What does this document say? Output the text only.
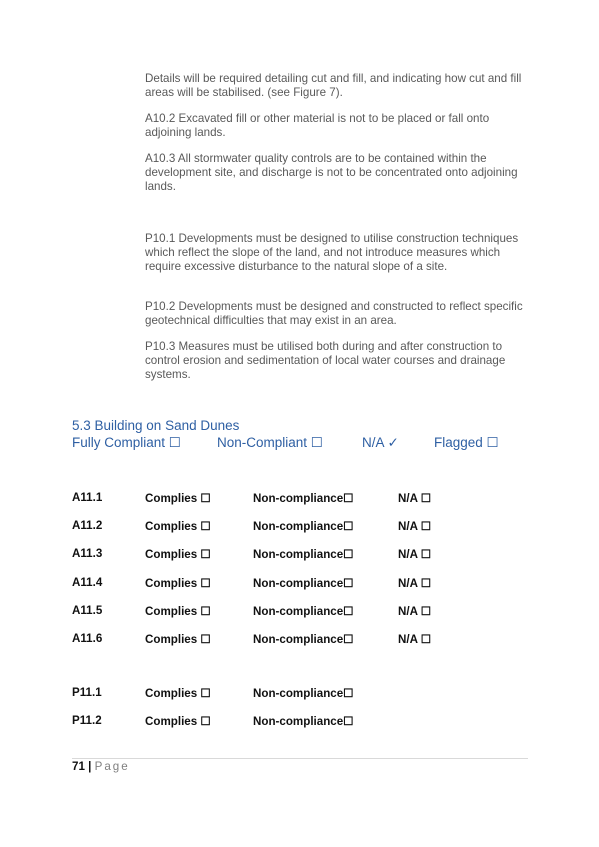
Details will be required detailing cut and fill, and indicating how cut and fill areas will be stabilised. (see Figure 7).

A10.2 Excavated fill or other material is not to be placed or fall onto adjoining lands.

A10.3 All stormwater quality controls are to be contained within the development site, and discharge is not to be concentrated onto adjoining lands.

P10.1 Developments must be designed to utilise construction techniques which reflect the slope of the land, and not introduce measures which require excessive disturbance to the natural slope of a site.

P10.2 Developments must be designed and constructed to reflect specific geotechnical difficulties that may exist in an area.

P10.3 Measures must be utilised both during and after construction to control erosion and sedimentation of local water courses and drainage systems.

5.3 Building on Sand Dunes
Fully Compliant ☐	Non-Compliant ☐	N/A ✓	Flagged ☐
A11.1	Complies ☐	Non-compliance☐	N/A ☐
A11.2	Complies ☐	Non-compliance☐	N/A ☐
A11.3	Complies ☐	Non-compliance☐	N/A ☐
A11.4	Complies ☐	Non-compliance☐	N/A ☐
A11.5	Complies ☐	Non-compliance☐	N/A ☐
A11.6	Complies ☐	Non-compliance☐	N/A ☐
P11.1	Complies ☐	Non-compliance☐
P11.2	Complies ☐	Non-compliance☐
71 | Page
